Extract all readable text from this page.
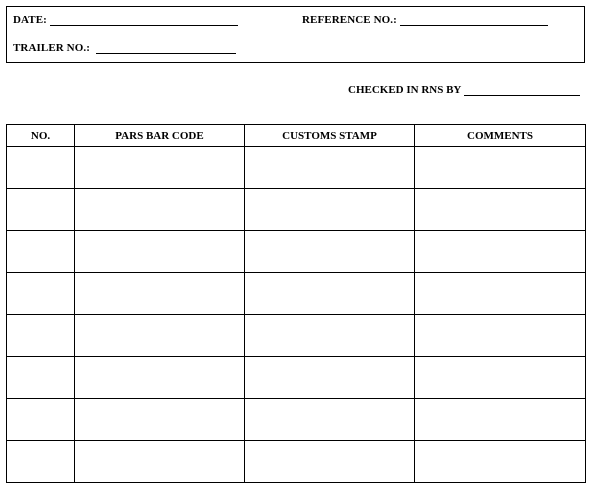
DATE:	REFERENCE NO.:
TRAILER NO.:
CHECKED IN RNS BY
NO.	PARS BAR CODE	CUSTOMS STAMP	COMMENTS
